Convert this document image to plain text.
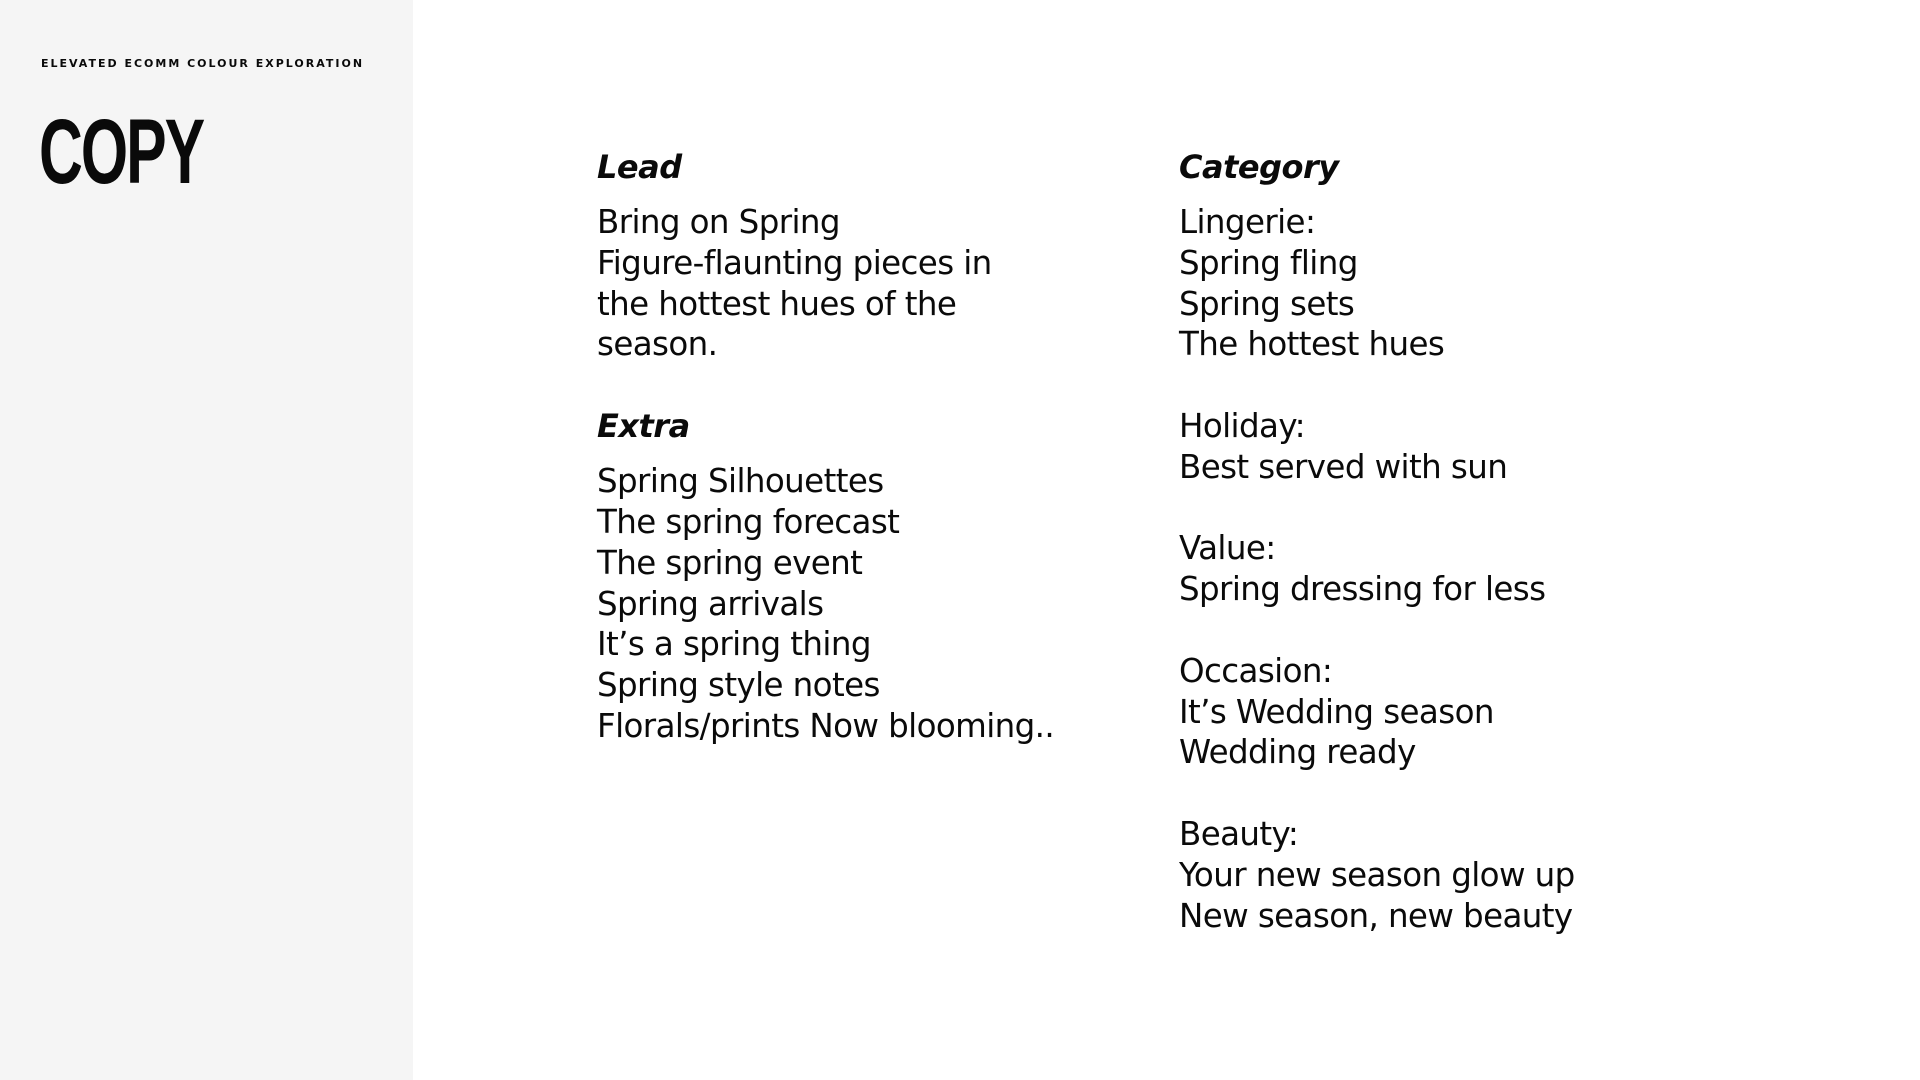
ELEVATED ECOMM COLOUR EXPLORATION
COPY	Lead
Bring on Spring
Figure-flaunting pieces in
the hottest hues of the
season.
Extra
Spring Silhouettes
The spring forecast
The spring event
Spring arrivals
It’s a spring thing
Spring style notes
Florals/prints Now blooming..
Category
Lingerie:
Spring fling
Spring sets
The hottest hues
Holiday:
Best served with sun
Value:
Spring dressing for less
Occasion:
It’s Wedding season
Wedding ready
Beauty:
Your new season glow up
New season, new beauty
